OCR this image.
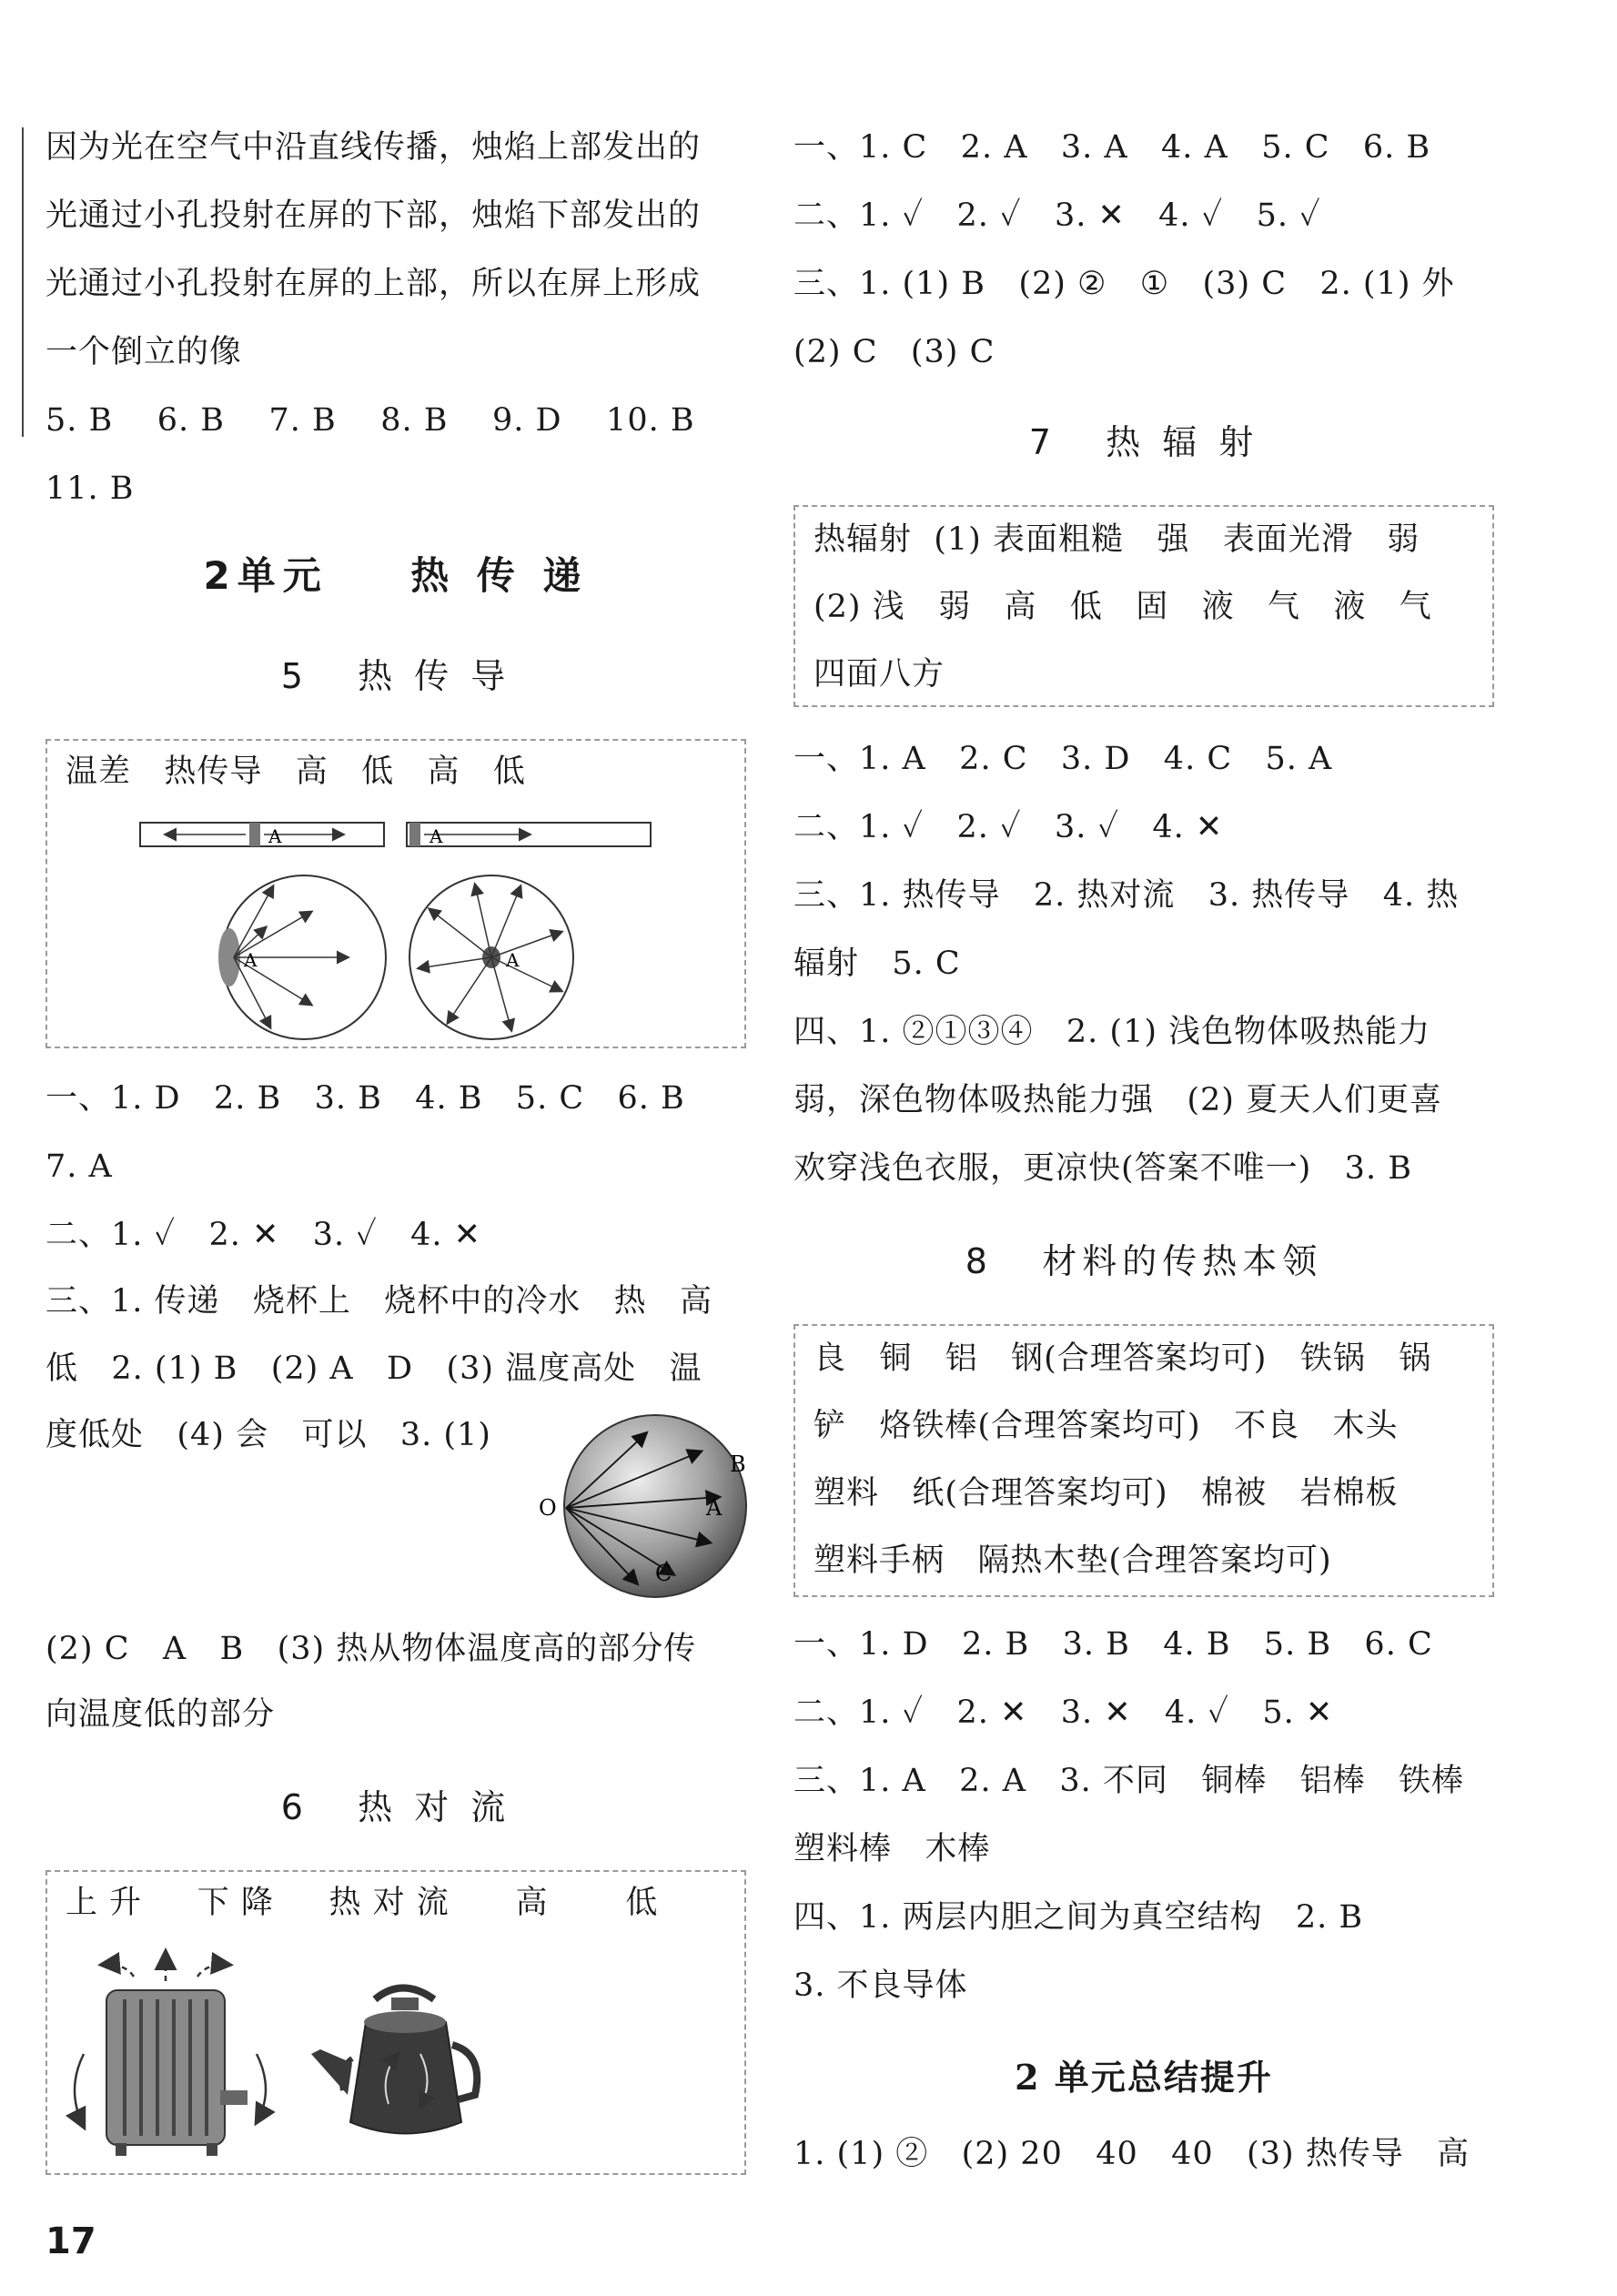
因为光在空气中沿直线传播，烛焰上部发出的
光通过小孔投射在屏的下部，烛焰下部发出的
光通过小孔投射在屏的上部，所以在屏上形成
一个倒立的像
5. B    6. B    7. B    8. B    9. D    10. B
11. B
2单元    热 传 递
5   热 传 导
温差   热传导   高   低   高   低
A	A
A	A
一、1. D   2. B   3. B   4. B   5. C   6. B
7. A
二、1. ✓   2. ✕   3. ✓   4. ✕
三、1. 传递   烧杯上   烧杯中的冷水   热   高
低   2. (1) B   (2) A   D   (3) 温度高处   温
度低处   (4) 会   可以   3. (1)
B
A
C
O
(2) C   A   B   (3) 热从物体温度高的部分传
向温度低的部分
6   热 对 流
上 升     下 降     热 对 流      高       低
17
一、1. C   2. A   3. A   4. A   5. C   6. B
二、1. ✓   2. ✓   3. ✕   4. ✓   5. ✓
三、1. (1) B   (2) ②   ①   (3) C   2. (1) 外
(2) C   (3) C
7   热 辐 射
热辐射  (1) 表面粗糙   强   表面光滑   弱
(2) 浅   弱   高   低   固   液   气   液   气
四面八方
一、1. A   2. C   3. D   4. C   5. A
二、1. ✓   2. ✓   3. ✓   4. ✕
三、1. 热传导   2. 热对流   3. 热传导   4. 热
辐射   5. C
四、1. ②①③④   2. (1) 浅色物体吸热能力
弱，深色物体吸热能力强   (2) 夏天人们更喜
欢穿浅色衣服，更凉快(答案不唯一)   3. B
8   材料的传热本领
良   铜   铝   钢(合理答案均可)   铁锅   锅
铲   烙铁棒(合理答案均可)   不良   木头
塑料   纸(合理答案均可)   棉被   岩棉板
塑料手柄   隔热木垫(合理答案均可)
一、1. D   2. B   3. B   4. B   5. B   6. C
二、1. ✓   2. ✕   3. ✕   4. ✓   5. ✕
三、1. A   2. A   3. 不同   铜棒   铝棒   铁棒
塑料棒   木棒
四、1. 两层内胆之间为真空结构   2. B
3. 不良导体
2 单元总结提升
1. (1) ②   (2) 20   40   40   (3) 热传导   高
